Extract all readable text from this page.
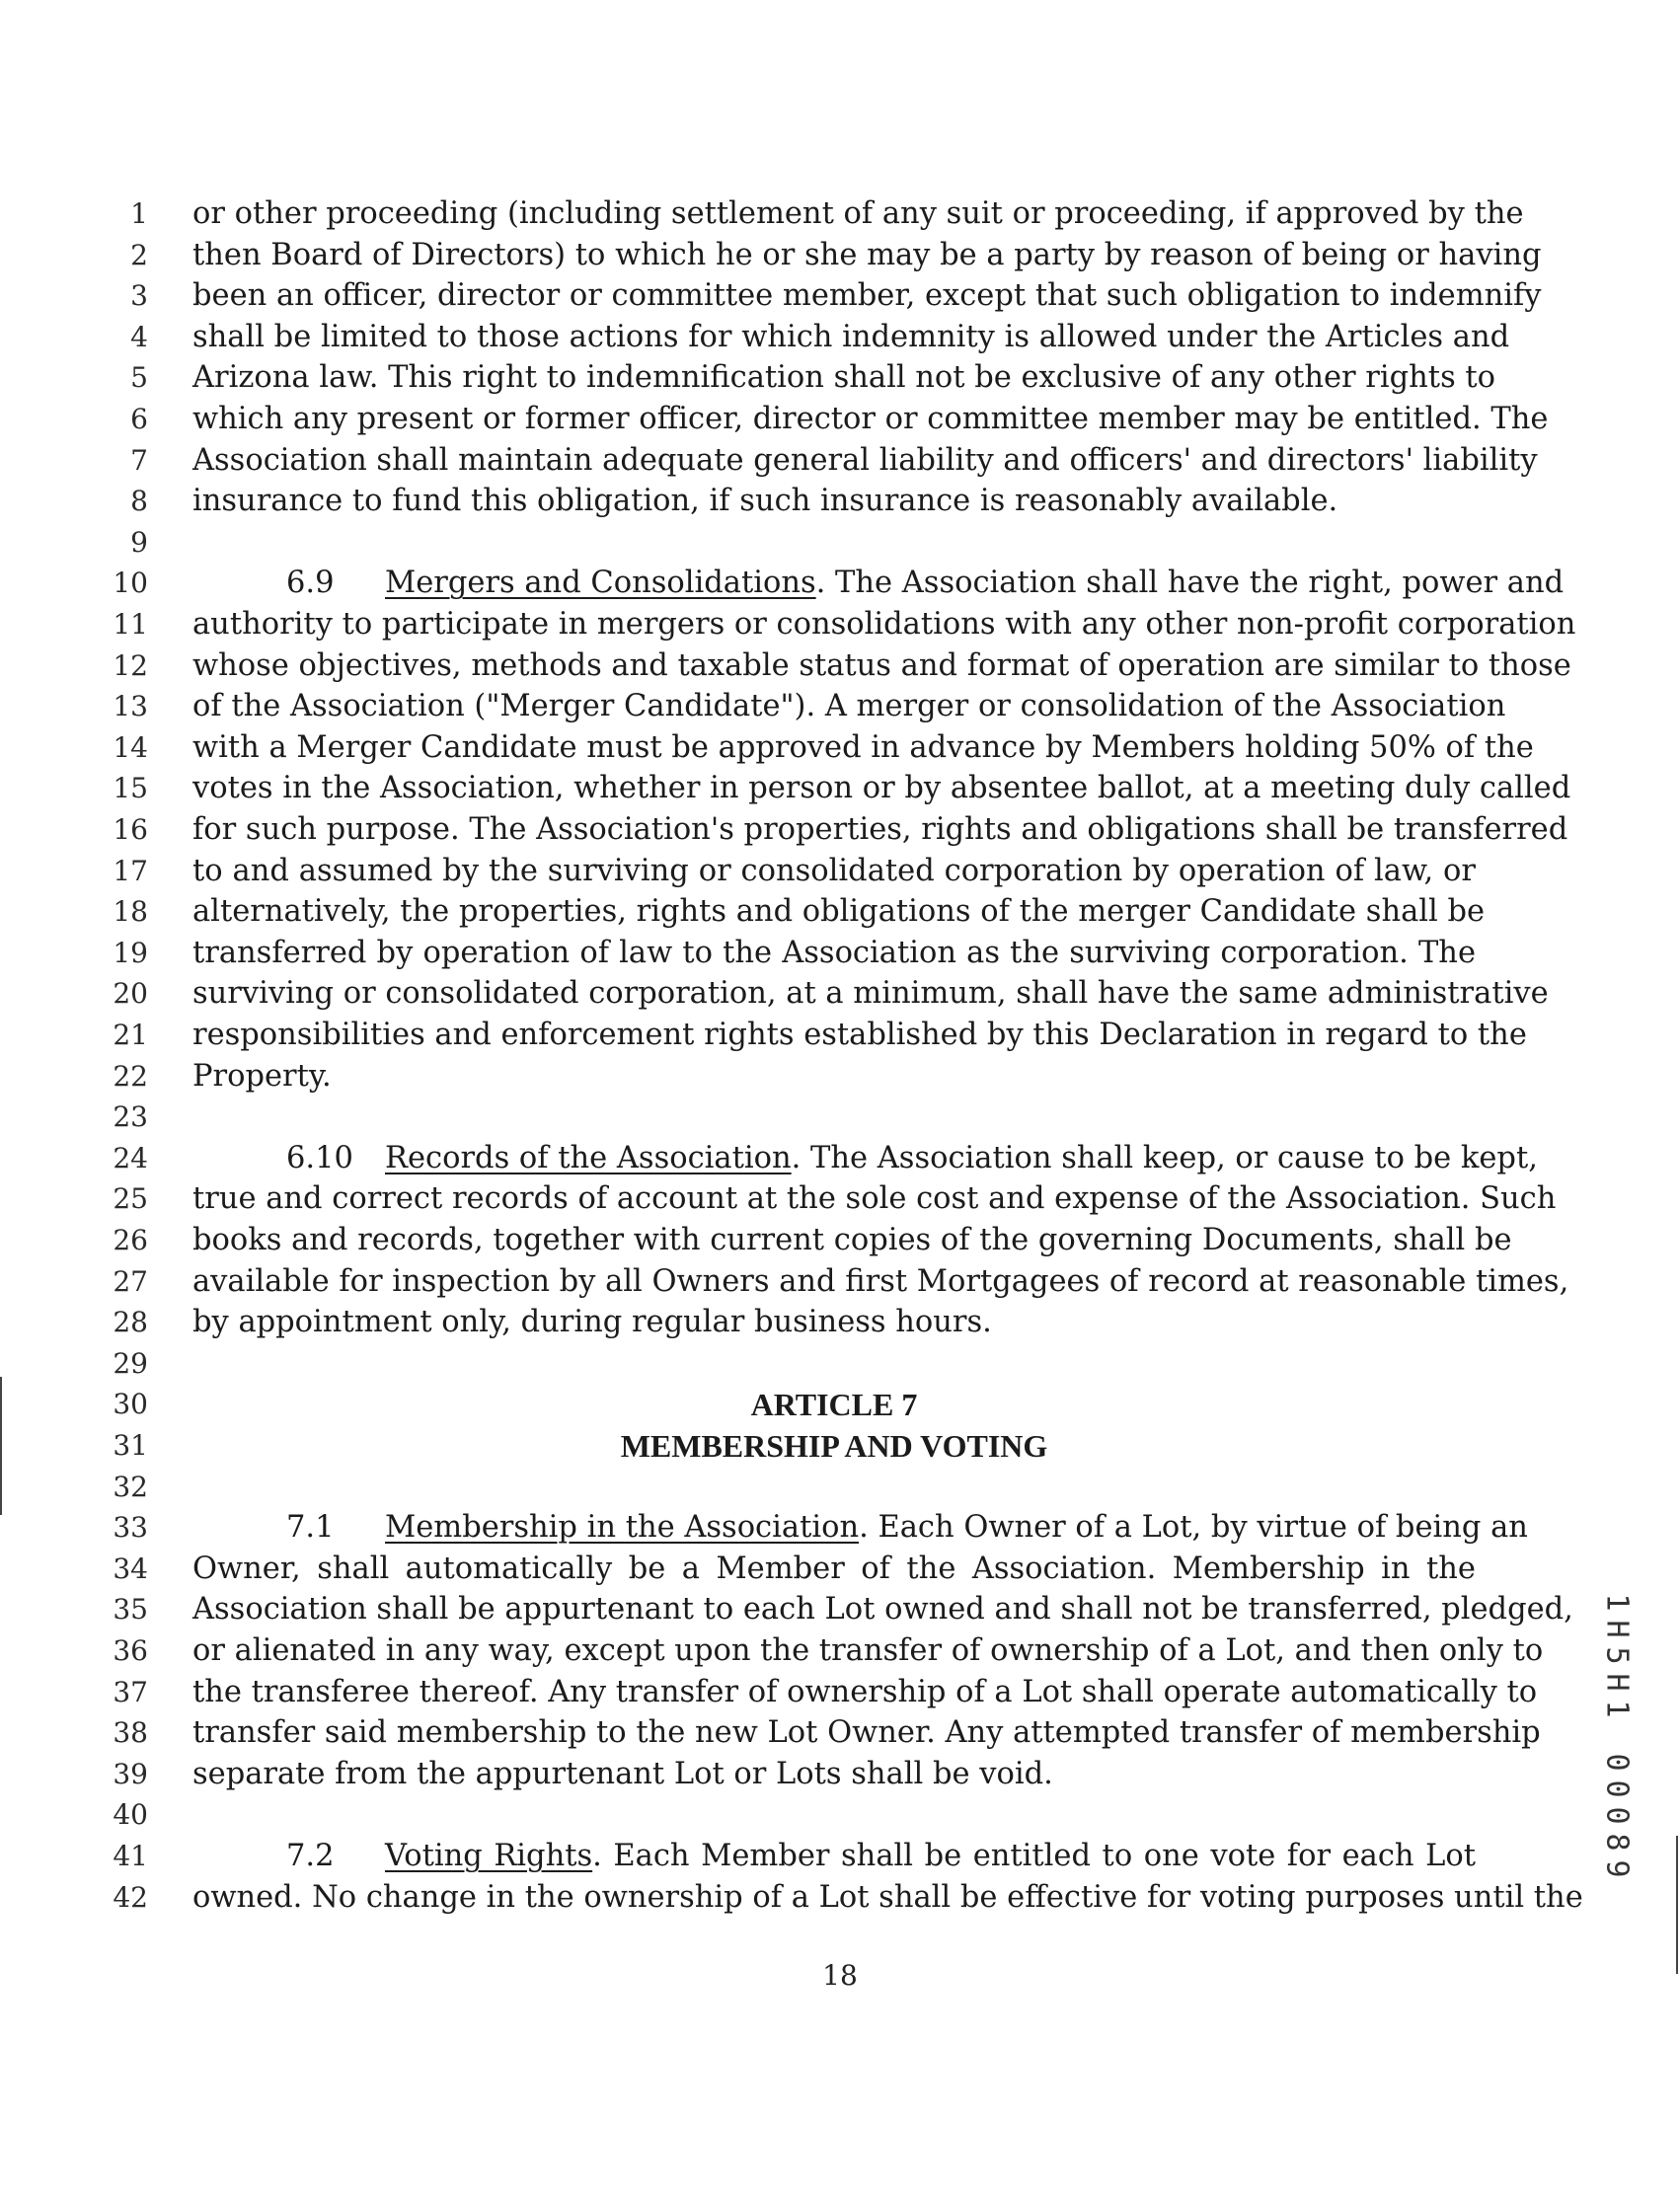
1
H
5
H
1

0
0
0
8
9
18
1 or other proceeding (including settlement of any suit or proceeding, if approved by the
2 then Board of Directors) to which he or she may be a party by reason of being or having
3 been an officer, director or committee member, except that such obligation to indemnify
4 shall be limited to those actions for which indemnity is allowed under the Articles and
5 Arizona law. This right to indemnification shall not be exclusive of any other rights to
6 which any present or former officer, director or committee member may be entitled. The
7 Association shall maintain adequate general liability and officers' and directors' liability
8 insurance to fund this obligation, if such insurance is reasonably available.
9
10	6.9 Mergers and Consolidations. The Association shall have the right, power and
11 authority to participate in mergers or consolidations with any other non-profit corporation
12 whose objectives, methods and taxable status and format of operation are similar to those
13 of the Association ("Merger Candidate"). A merger or consolidation of the Association
14 with a Merger Candidate must be approved in advance by Members holding 50% of the
15 votes in the Association, whether in person or by absentee ballot, at a meeting duly called
16 for such purpose. The Association's properties, rights and obligations shall be transferred
17 to and assumed by the surviving or consolidated corporation by operation of law, or
18 alternatively, the properties, rights and obligations of the merger Candidate shall be
19 transferred by operation of law to the Association as the surviving corporation. The
20 surviving or consolidated corporation, at a minimum, shall have the same administrative
21 responsibilities and enforcement rights established by this Declaration in regard to the
22 Property.
23
24	6.10 Records of the Association. The Association shall keep, or cause to be kept,
25 true and correct records of account at the sole cost and expense of the Association. Such
26 books and records, together with current copies of the governing Documents, shall be
27 available for inspection by all Owners and first Mortgagees of record at reasonable times,
28 by appointment only, during regular business hours.
29
30	ARTICLE 7
31	MEMBERSHIP AND VOTING
32
33	7.1 Membership in the Association. Each Owner of a Lot, by virtue of being an
34 Owner, shall automatically be a Member of the Association. Membership in the
35 Association shall be appurtenant to each Lot owned and shall not be transferred, pledged,
36 or alienated in any way, except upon the transfer of ownership of a Lot, and then only to
37 the transferee thereof. Any transfer of ownership of a Lot shall operate automatically to
38 transfer said membership to the new Lot Owner. Any attempted transfer of membership
39 separate from the appurtenant Lot or Lots shall be void.
40
41	7.2 Voting Rights. Each Member shall be entitled to one vote for each Lot
42 owned. No change in the ownership of a Lot shall be effective for voting purposes until the
